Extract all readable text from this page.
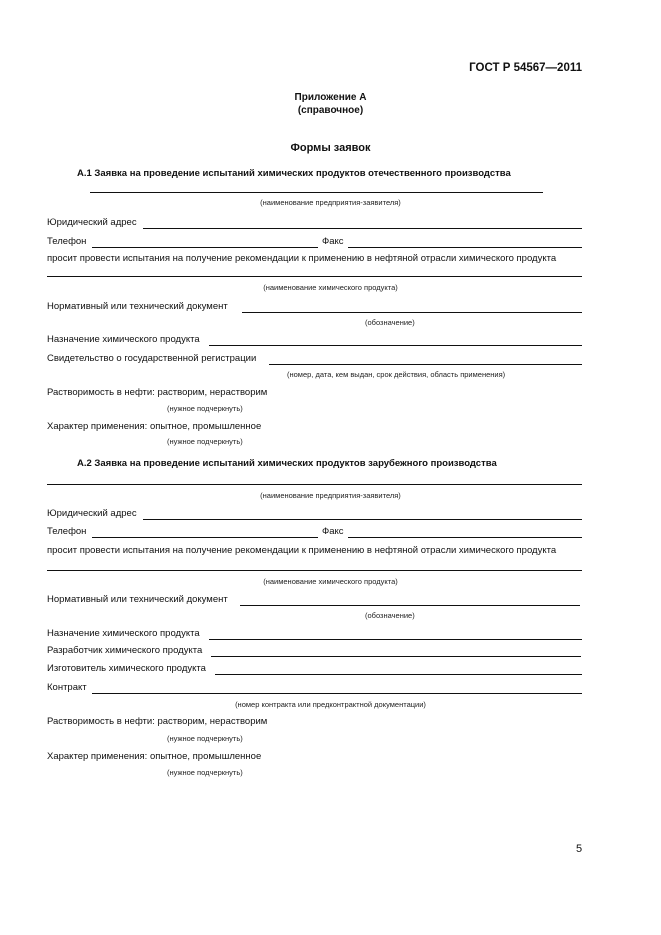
ГОСТ Р 54567—2011
Приложение А
(справочное)
Формы заявок
А.1 Заявка на проведение испытаний химических продуктов отечественного производства
(наименование предприятия-заявителя)
Юридический адрес
Телефон	Факс
просит провести испытания на получение рекомендации к применению в нефтяной отрасли химического продукта
(наименование химического продукта)
Нормативный или технический документ
(обозначение)
Назначение химического продукта
Свидетельство о государственной регистрации
(номер, дата, кем выдан, срок действия, область применения)
Растворимость в нефти: растворим, нерастворим
(нужное подчеркнуть)
Характер применения: опытное, промышленное
(нужное подчеркнуть)
А.2 Заявка на проведение испытаний химических продуктов зарубежного производства
(наименование предприятия-заявителя)
Юридический адрес
Телефон	Факс
просит провести испытания на получение рекомендации к применению в нефтяной отрасли химического продукта
(наименование химического продукта)
Нормативный или технический документ
(обозначение)
Назначение химического продукта
Разработчик химического продукта
Изготовитель химического продукта
Контракт
(номер контракта или предконтрактной документации)
Растворимость в нефти: растворим, нерастворим
(нужное подчеркнуть)
Характер применения: опытное, промышленное
(нужное подчеркнуть)
5
